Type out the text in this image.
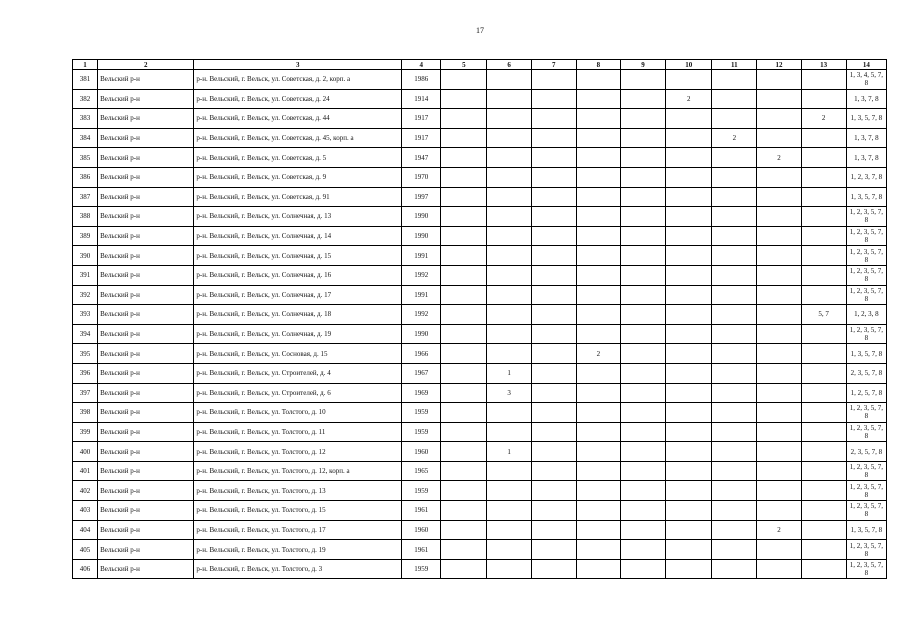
17
1	2	3	4	5	6	7	8	9	10	11	12	13	14
381	Вельский р-н	р-н. Вельский, г. Вельск, ул. Советская, д. 2, корп. а	1986										1, 3, 4, 5, 7, 8
382	Вельский р-н	р-н. Вельский, г. Вельск, ул. Советская, д. 24	1914						2				1, 3, 7, 8
383	Вельский р-н	р-н. Вельский, г. Вельск, ул. Советская, д. 44	1917									2	1, 3, 5, 7, 8
384	Вельский р-н	р-н. Вельский, г. Вельск, ул. Советская, д. 45, корп. а	1917							2			1, 3, 7, 8
385	Вельский р-н	р-н. Вельский, г. Вельск, ул. Советская, д. 5	1947								2		1, 3, 7, 8
386	Вельский р-н	р-н. Вельский, г. Вельск, ул. Советская, д. 9	1970										1, 2, 3, 7, 8
387	Вельский р-н	р-н. Вельский, г. Вельск, ул. Советская, д. 91	1997										1, 3, 5, 7, 8
388	Вельский р-н	р-н. Вельский, г. Вельск, ул. Солнечная, д. 13	1990										1, 2, 3, 5, 7, 8
389	Вельский р-н	р-н. Вельский, г. Вельск, ул. Солнечная, д. 14	1990										1, 2, 3, 5, 7, 8
390	Вельский р-н	р-н. Вельский, г. Вельск, ул. Солнечная, д. 15	1991										1, 2, 3, 5, 7, 8
391	Вельский р-н	р-н. Вельский, г. Вельск, ул. Солнечная, д. 16	1992										1, 2, 3, 5, 7, 8
392	Вельский р-н	р-н. Вельский, г. Вельск, ул. Солнечная, д. 17	1991										1, 2, 3, 5, 7, 8
393	Вельский р-н	р-н. Вельский, г. Вельск, ул. Солнечная, д. 18	1992									5, 7	1, 2, 3, 8
394	Вельский р-н	р-н. Вельский, г. Вельск, ул. Солнечная, д. 19	1990										1, 2, 3, 5, 7, 8
395	Вельский р-н	р-н. Вельский, г. Вельск, ул. Сосновая, д. 15	1966				2						1, 3, 5, 7, 8
396	Вельский р-н	р-н. Вельский, г. Вельск, ул. Строителей, д. 4	1967		1								2, 3, 5, 7, 8
397	Вельский р-н	р-н. Вельский, г. Вельск, ул. Строителей, д. 6	1969		3								1, 2, 5, 7, 8
398	Вельский р-н	р-н. Вельский, г. Вельск, ул. Толстого, д. 10	1959										1, 2, 3, 5, 7, 8
399	Вельский р-н	р-н. Вельский, г. Вельск, ул. Толстого, д. 11	1959										1, 2, 3, 5, 7, 8
400	Вельский р-н	р-н. Вельский, г. Вельск, ул. Толстого, д. 12	1960		1								2, 3, 5, 7, 8
401	Вельский р-н	р-н. Вельский, г. Вельск, ул. Толстого, д. 12, корп. а	1965										1, 2, 3, 5, 7, 8
402	Вельский р-н	р-н. Вельский, г. Вельск, ул. Толстого, д. 13	1959										1, 2, 3, 5, 7, 8
403	Вельский р-н	р-н. Вельский, г. Вельск, ул. Толстого, д. 15	1961										1, 2, 3, 5, 7, 8
404	Вельский р-н	р-н. Вельский, г. Вельск, ул. Толстого, д. 17	1960								2		1, 3, 5, 7, 8
405	Вельский р-н	р-н. Вельский, г. Вельск, ул. Толстого, д. 19	1961										1, 2, 3, 5, 7, 8
406	Вельский р-н	р-н. Вельский, г. Вельск, ул. Толстого, д. 3	1959										1, 2, 3, 5, 7, 8
